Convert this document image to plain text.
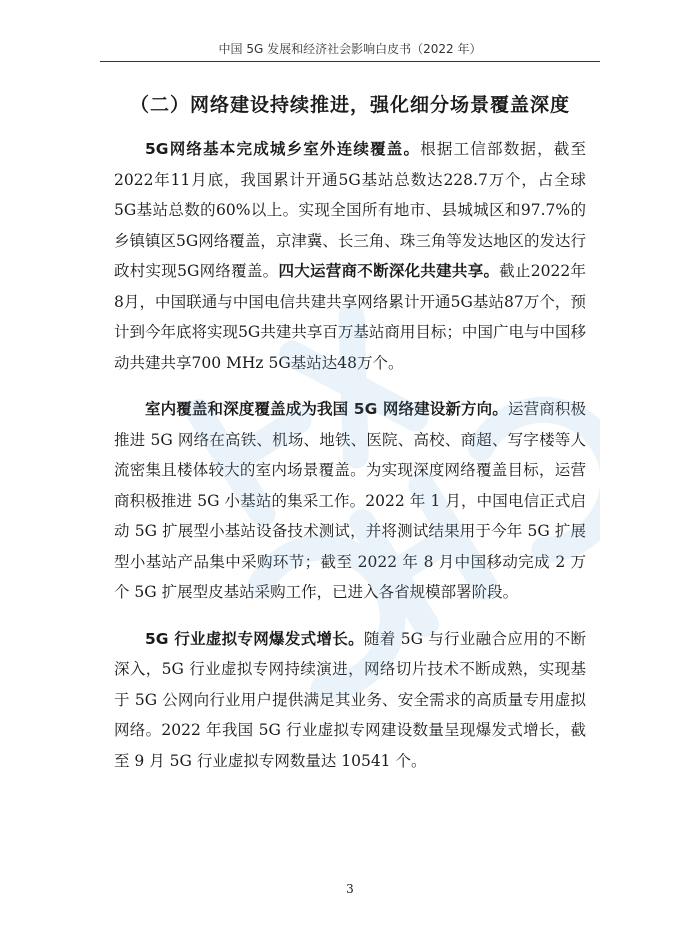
中国 5G 发展和经济社会影响白皮书（2022 年）
（二）网络建设持续推进，强化细分场景覆盖深度

5G网络基本完成城乡室外连续覆盖。根据工信部数据，截至2022年11月底，我国累计开通5G基站总数达228.7万个，占全球5G基站总数的60%以上。实现全国所有地市、县城城区和97.7%的乡镇镇区5G网络覆盖，京津冀、长三角、珠三角等发达地区的发达行政村实现5G网络覆盖。四大运营商不断深化共建共享。截止2022年8月，中国联通与中国电信共建共享网络累计开通5G基站87万个，预计到今年底将实现5G共建共享百万基站商用目标；中国广电与中国移动共建共享700 MHz 5G基站达48万个。

室内覆盖和深度覆盖成为我国 5G 网络建设新方向。运营商积极推进 5G 网络在高铁、机场、地铁、医院、高校、商超、写字楼等人流密集且楼体较大的室内场景覆盖。为实现深度网络覆盖目标，运营商积极推进 5G 小基站的集采工作。2022 年 1 月，中国电信正式启动 5G 扩展型小基站设备技术测试，并将测试结果用于今年 5G 扩展型小基站产品集中采购环节；截至 2022 年 8 月中国移动完成 2 万个 5G 扩展型皮基站采购工作，已进入各省规模部署阶段。

5G 行业虚拟专网爆发式增长。随着 5G 与行业融合应用的不断深入，5G 行业虚拟专网持续演进，网络切片技术不断成熟，实现基于 5G 公网向行业用户提供满足其业务、安全需求的高质量专用虚拟网络。2022 年我国 5G 行业虚拟专网建设数量呈现爆发式增长，截至 9 月 5G 行业虚拟专网数量达 10541 个。

3
